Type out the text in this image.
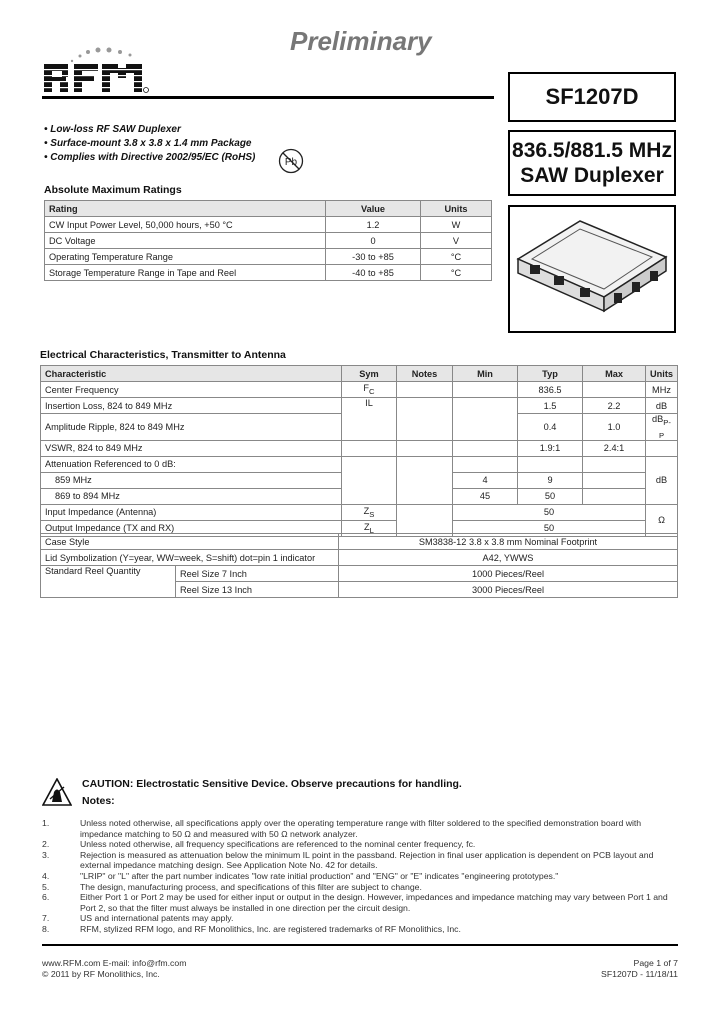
Preliminary
SF1207D
836.5/881.5 MHz
SAW Duplexer
• Low-loss RF SAW Duplexer
• Surface-mount 3.8 x 3.8 x 1.4 mm Package
• Complies with Directive 2002/95/EC (RoHS)	Pb
Absolute Maximum Ratings
Rating	Value	Units
CW Input Power Level, 50,000 hours, +50 °C	1.2	W
DC Voltage	0	V
Operating Temperature Range	-30 to +85	°C
Storage Temperature Range in Tape and Reel	-40 to +85	°C
Electrical Characteristics, Transmitter to Antenna
Characteristic	Sym	Notes	Min	Typ	Max	Units
Center Frequency	$F_C$			836.5		MHz
Insertion Loss, 824 to 849 MHz	IL			1.5	2.2	dB
Amplitude Ripple, 824 to 849 MHz				0.4	1.0	$dB_{P-P}$
VSWR, 824 to 849 MHz				1.9:1	2.4:1	
Attenuation Referenced to 0 dB:						dB
859 MHz			4	9		
869 to 894 MHz			45	50		
Input Impedance (Antenna)	$Z_S$		50			Ω
Output Impedance (TX and RX)	$Z_L$		50			
Case Style		SM3838-12 3.8 x 3.8 mm Nominal Footprint
Lid Symbolization (Y=year, WW=week, S=shift) dot=pin 1 indicator		A42, YWWS
Standard Reel Quantity	Reel Size 7 Inch	1000 Pieces/Reel
	Reel Size 13 Inch	3000 Pieces/Reel
CAUTION: Electrostatic Sensitive Device. Observe precautions for handling.
Notes:
1.	Unless noted otherwise, all specifications apply over the operating temperature range with filter soldered to the specified demonstration board with impedance matching to 50 Ω and measured with 50 Ω network analyzer.
2.	Unless noted otherwise, all frequency specifications are referenced to the nominal center frequency, fc.
3.	Rejection is measured as attenuation below the minimum IL point in the passband. Rejection in final user application is dependent on PCB layout and external impedance matching design. See Application Note No. 42 for details.
4.	"LRIP" or "L" after the part number indicates "low rate initial production" and "ENG" or "E" indicates "engineering prototypes."
5.	The design, manufacturing process, and specifications of this filter are subject to change.
6.	Either Port 1 or Port 2 may be used for either input or output in the design. However, impedances and impedance matching may vary between Port 1 and Port 2, so that the filter must always be installed in one direction per the circuit design.
7.	US and international patents may apply.
8.	RFM, stylized RFM logo, and RF Monolithics, Inc. are registered trademarks of RF Monolithics, Inc.
www.RFM.com E-mail: info@rfm.com
© 2011 by RF Monolithics, Inc.
Page 1 of 7
SF1207D - 11/18/11
